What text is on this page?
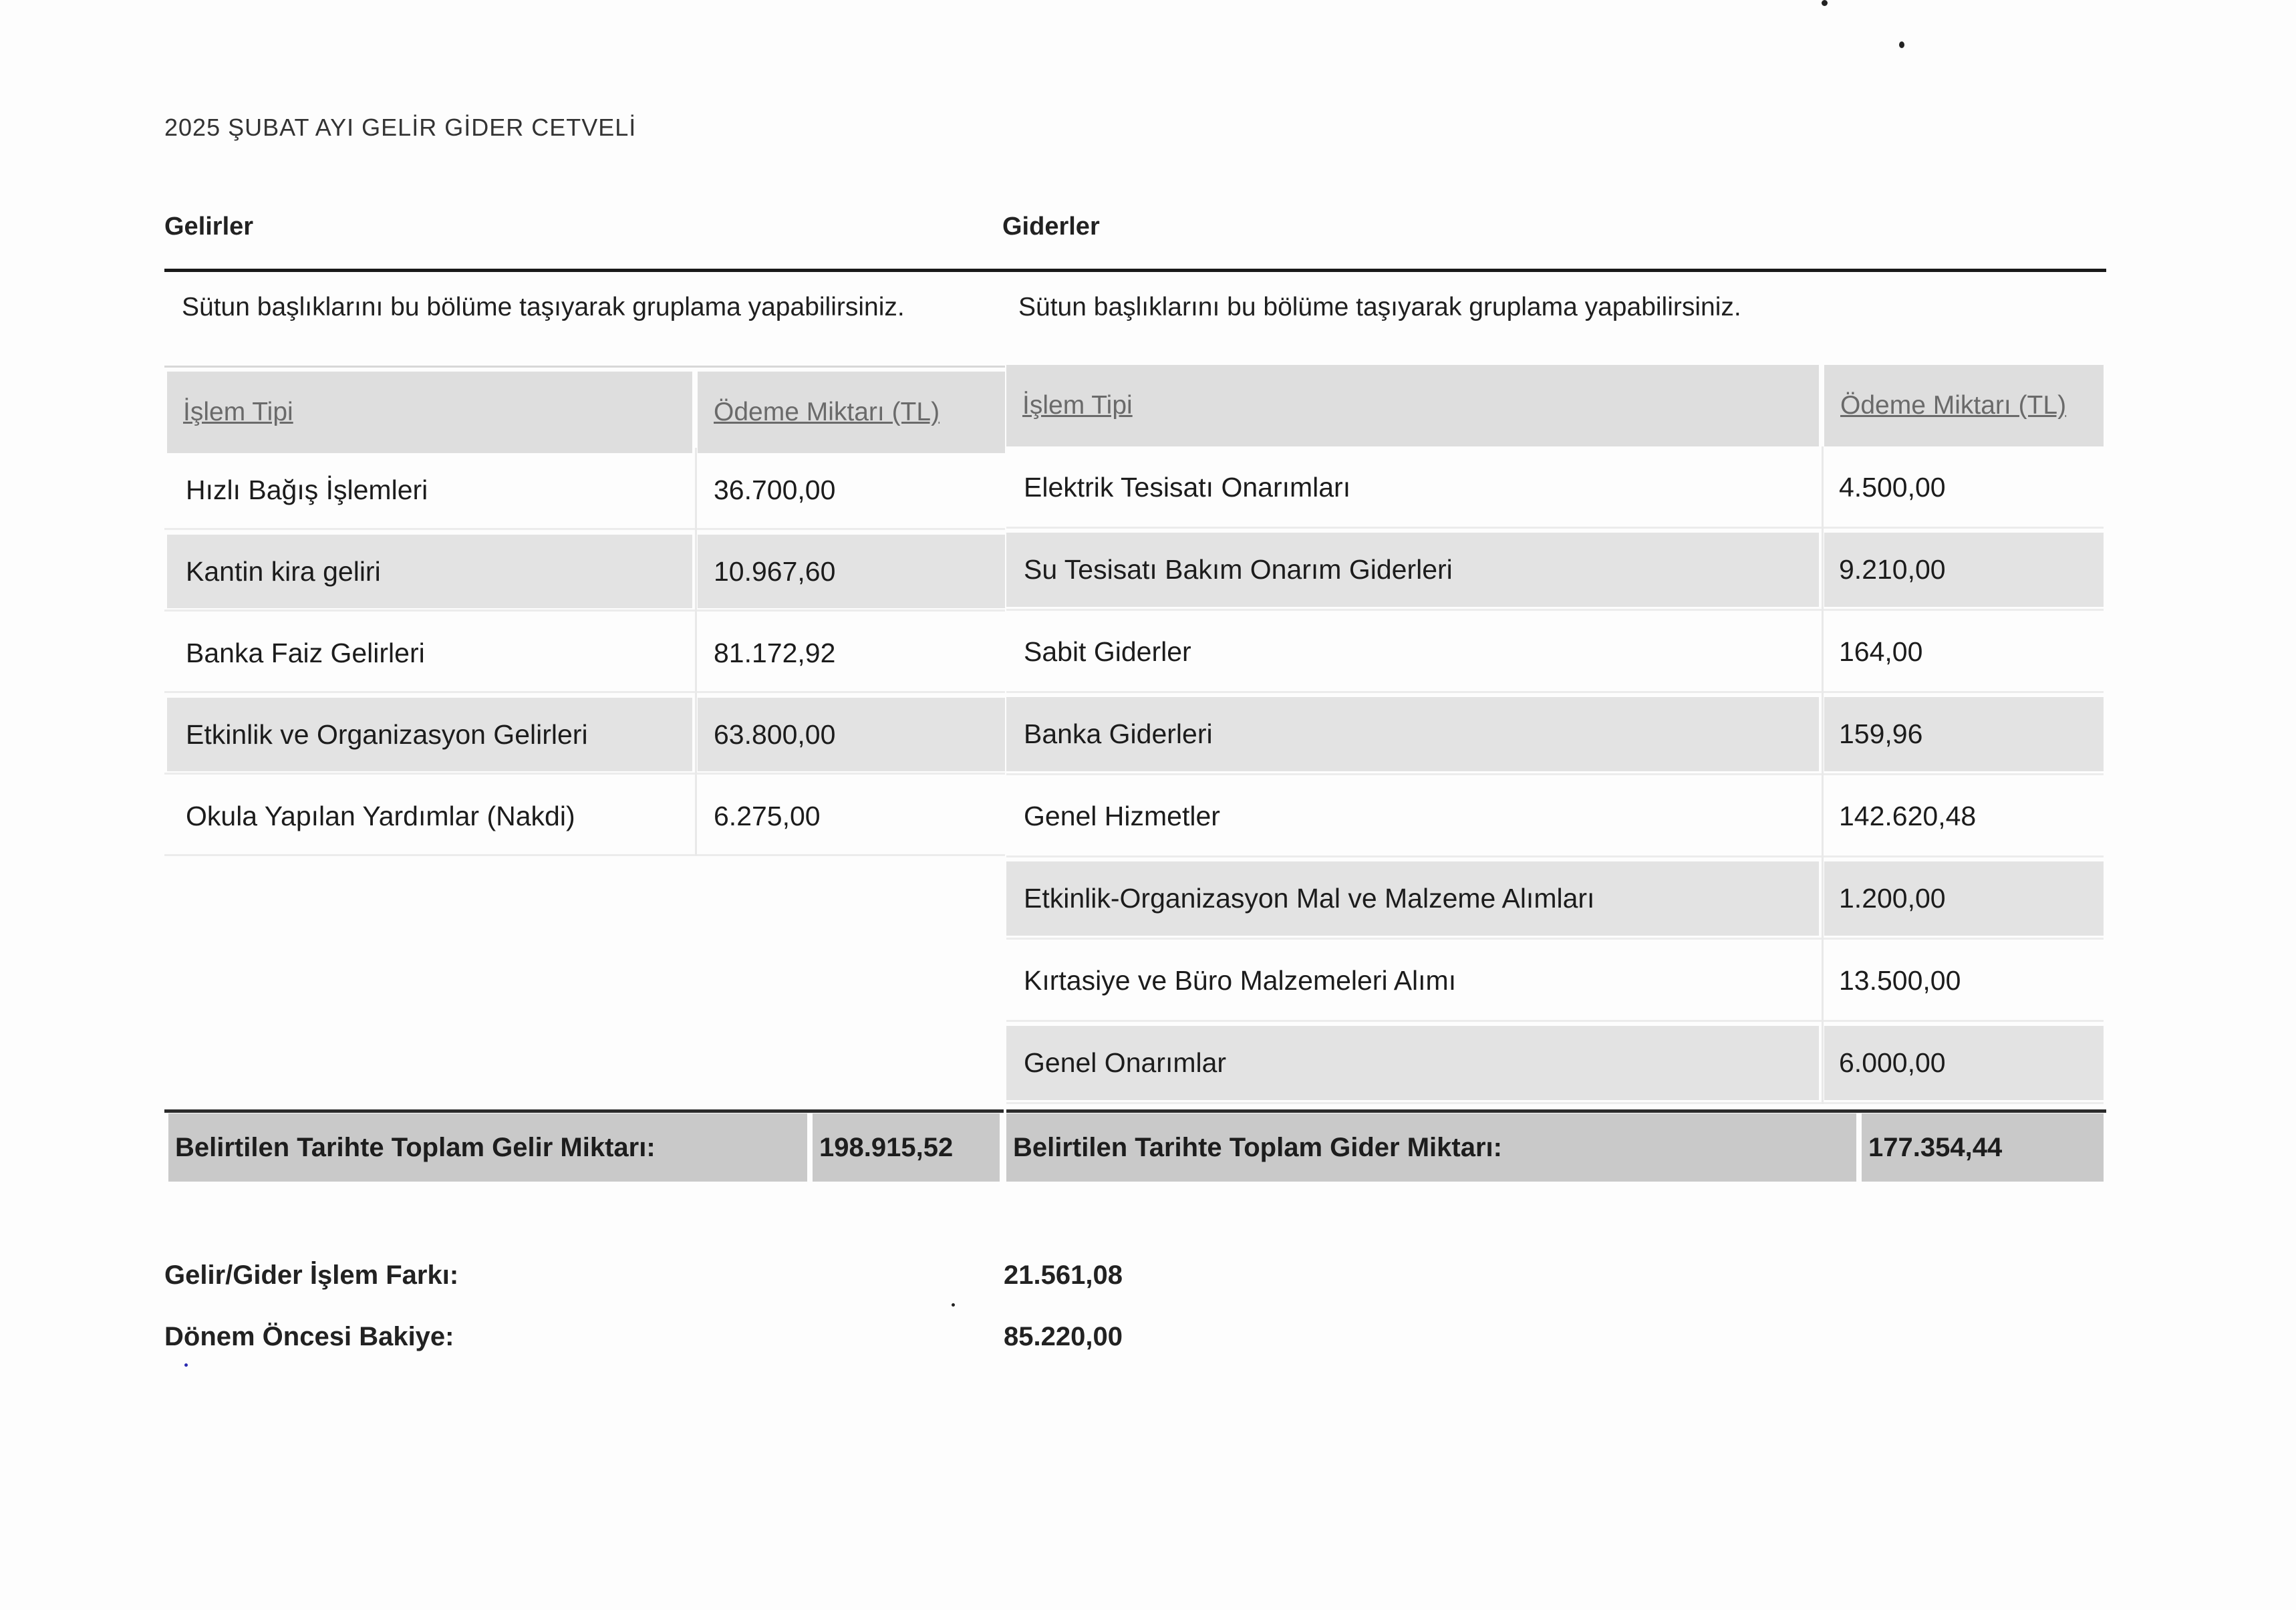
2025 ŞUBAT AYI GELİR GİDER CETVELİ
Gelirler	Giderler
Sütun başlıklarını bu bölüme taşıyarak gruplama yapabilirsiniz.	Sütun başlıklarını bu bölüme taşıyarak gruplama yapabilirsiniz.
İşlem Tipi	Ödeme Miktarı (TL)
Hızlı Bağış İşlemleri	36.700,00
Kantin kira geliri	10.967,60
Banka Faiz Gelirleri	81.172,92
Etkinlik ve Organizasyon Gelirleri	63.800,00
Okula Yapılan Yardımlar (Nakdi)	6.275,00
İşlem Tipi	Ödeme Miktarı (TL)
Elektrik Tesisatı Onarımları	4.500,00
Su Tesisatı Bakım Onarım Giderleri	9.210,00
Sabit Giderler	164,00
Banka Giderleri	159,96
Genel Hizmetler	142.620,48
Etkinlik-Organizasyon Mal ve Malzeme Alımları	1.200,00
Kırtasiye ve Büro Malzemeleri Alımı	13.500,00
Genel Onarımlar	6.000,00
Belirtilen Tarihte Toplam Gelir Miktarı:	198.915,52	Belirtilen Tarihte Toplam Gider Miktarı:	177.354,44
Gelir/Gider İşlem Farkı:	21.561,08
Dönem Öncesi Bakiye:	85.220,00
